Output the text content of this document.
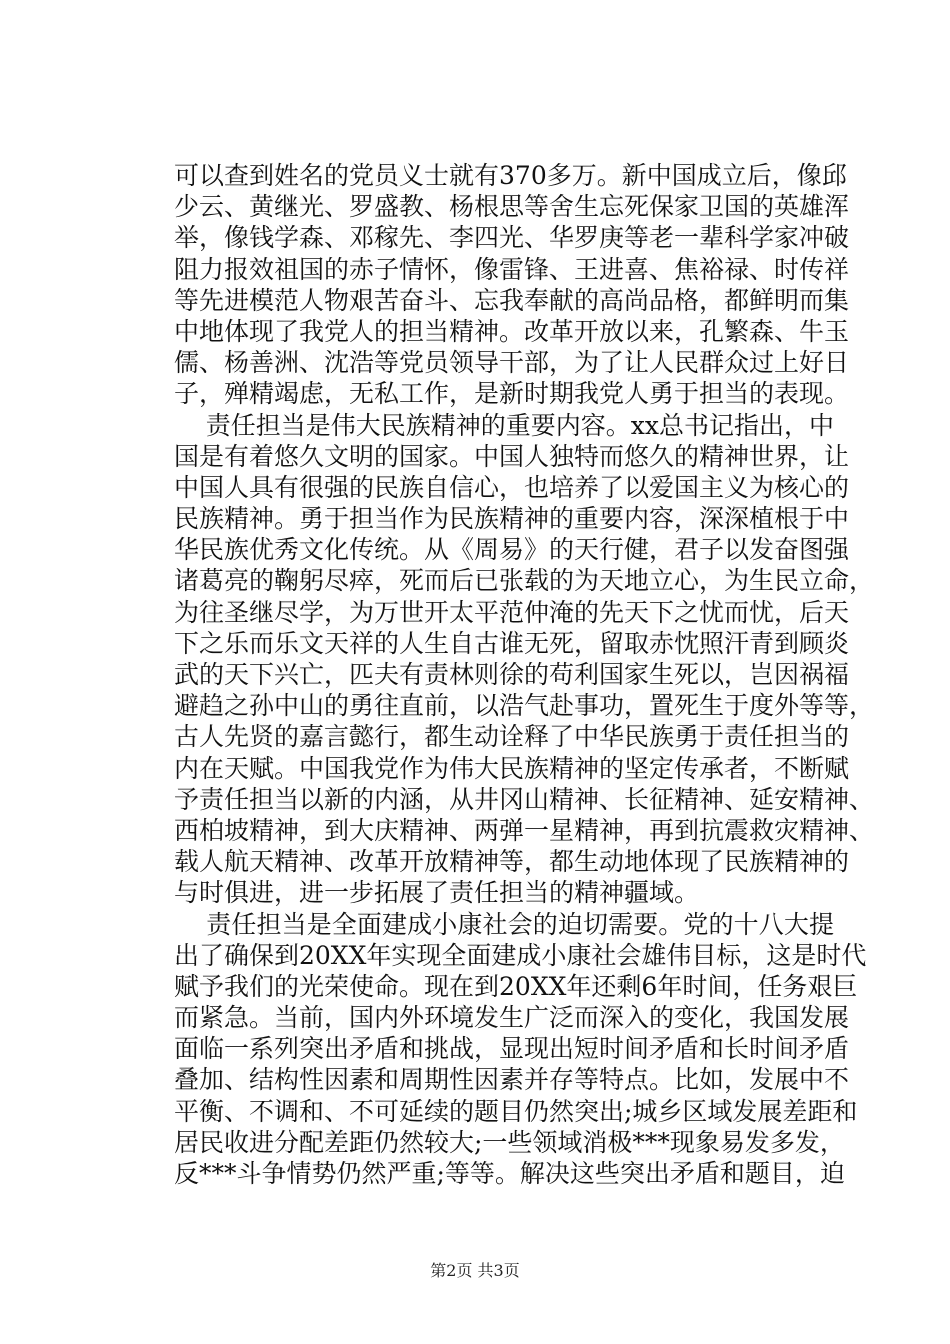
可以查到姓名的党员义士就有370多万。新中国成立后，像邱
少云、黄继光、罗盛教、杨根思等舍生忘死保家卫国的英雄浑
举，像钱学森、邓稼先、李四光、华罗庚等老一辈科学家冲破
阻力报效祖国的赤子情怀，像雷锋、王进喜、焦裕禄、时传祥
等先进模范人物艰苦奋斗、忘我奉献的高尚品格，都鲜明而集
中地体现了我党人的担当精神。改革开放以来，孔繁森、牛玉
儒、杨善洲、沈浩等党员领导干部，为了让人民群众过上好日
子，殚精竭虑，无私工作，是新时期我党人勇于担当的表现。
责任担当是伟大民族精神的重要内容。xx总书记指出，中
国是有着悠久文明的国家。中国人独特而悠久的精神世界，让
中国人具有很强的民族自信心，也培养了以爱国主义为核心的
民族精神。勇于担当作为民族精神的重要内容，深深植根于中
华民族优秀文化传统。从《周易》的天行健，君子以发奋图强
诸葛亮的鞠躬尽瘁，死而后已张载的为天地立心，为生民立命，
为往圣继尽学，为万世开太平范仲淹的先天下之忧而忧，后天
下之乐而乐文天祥的人生自古谁无死，留取赤忱照汗青到顾炎
武的天下兴亡，匹夫有责林则徐的苟利国家生死以，岂因祸福
避趋之孙中山的勇往直前，以浩气赴事功，置死生于度外等等，
古人先贤的嘉言懿行，都生动诠释了中华民族勇于责任担当的
内在天赋。中国我党作为伟大民族精神的坚定传承者，不断赋
予责任担当以新的内涵，从井冈山精神、长征精神、延安精神、
西柏坡精神，到大庆精神、两弹一星精神，再到抗震救灾精神、
载人航天精神、改革开放精神等，都生动地体现了民族精神的
与时俱进，进一步拓展了责任担当的精神疆域。
责任担当是全面建成小康社会的迫切需要。党的十八大提
出了确保到20XX年实现全面建成小康社会雄伟目标，这是时代
赋予我们的光荣使命。现在到20XX年还剩6年时间，任务艰巨
而紧急。当前，国内外环境发生广泛而深入的变化，我国发展
面临一系列突出矛盾和挑战，显现出短时间矛盾和长时间矛盾
叠加、结构性因素和周期性因素并存等特点。比如，发展中不
平衡、不调和、不可延续的题目仍然突出;城乡区域发展差距和
居民收进分配差距仍然较大;一些领域消极***现象易发多发，
反***斗争情势仍然严重;等等。解决这些突出矛盾和题目，迫
第2页 共3页
